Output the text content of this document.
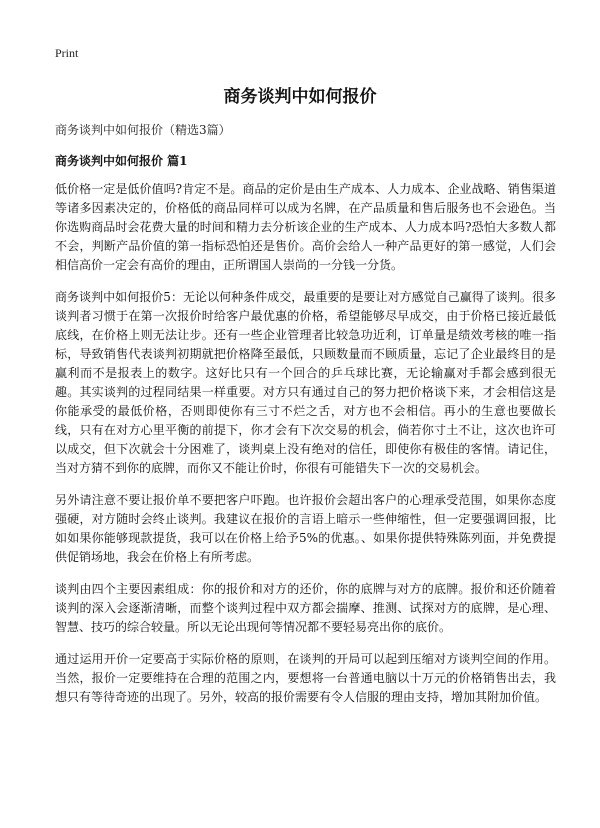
Print
商务谈判中如何报价
商务谈判中如何报价（精选3篇）
商务谈判中如何报价 篇1

低价格一定是低价值吗?肯定不是。商品的定价是由生产成本、人力成本、企业战略、销售渠道等诸多因素决定的，价格低的商品同样可以成为名牌，在产品质量和售后服务也不会逊色。当你选购商品时会花费大量的时间和精力去分析该企业的生产成本、人力成本吗?恐怕大多数人都不会，判断产品价值的第一指标恐怕还是售价。高价会给人一种产品更好的第一感觉，人们会相信高价一定会有高价的理由，正所谓国人崇尚的一分钱一分货。

商务谈判中如何报价5：无论以何种条件成交，最重要的是要让对方感觉自己赢得了谈判。很多谈判者习惯于在第一次报价时给客户最优惠的价格，希望能够尽早成交，由于价格已接近最低底线，在价格上则无法让步。还有一些企业管理者比较急功近利，订单量是绩效考核的唯一指标，导致销售代表谈判初期就把价格降至最低，只顾数量而不顾质量，忘记了企业最终目的是赢利而不是报表上的数字。这好比只有一个回合的乒乓球比赛，无论输赢对手都会感到很无趣。其实谈判的过程同结果一样重要。对方只有通过自己的努力把价格谈下来，才会相信这是你能承受的最低价格，否则即使你有三寸不烂之舌，对方也不会相信。再小的生意也要做长线，只有在对方心里平衡的前提下，你才会有下次交易的机会，倘若你寸土不让，这次也许可以成交，但下次就会十分困难了，谈判桌上没有绝对的信任，即使你有极佳的客情。请记住，当对方猜不到你的底牌，而你又不能让价时，你很有可能错失下一次的交易机会。

另外请注意不要让报价单不要把客户吓跑。也许报价会超出客户的心理承受范围，如果你态度强硬，对方随时会终止谈判。我建议在报价的言语上暗示一些伸缩性，但一定要强调回报，比如如果你能够现款提货，我可以在价格上给予5%的优惠。、如果你提供特殊陈列面，并免费提供促销场地，我会在价格上有所考虑。

谈判由四个主要因素组成：你的报价和对方的还价，你的底牌与对方的底牌。报价和还价随着谈判的深入会逐渐清晰，而整个谈判过程中双方都会揣摩、推测、试探对方的底牌，是心理、智慧、技巧的综合较量。所以无论出现何等情况都不要轻易亮出你的底价。

通过运用开价一定要高于实际价格的原则，在谈判的开局可以起到压缩对方谈判空间的作用。当然，报价一定要维持在合理的范围之内，要想将一台普通电脑以十万元的价格销售出去，我想只有等待奇迹的出现了。另外，较高的报价需要有令人信服的理由支持，增加其附加价值。
